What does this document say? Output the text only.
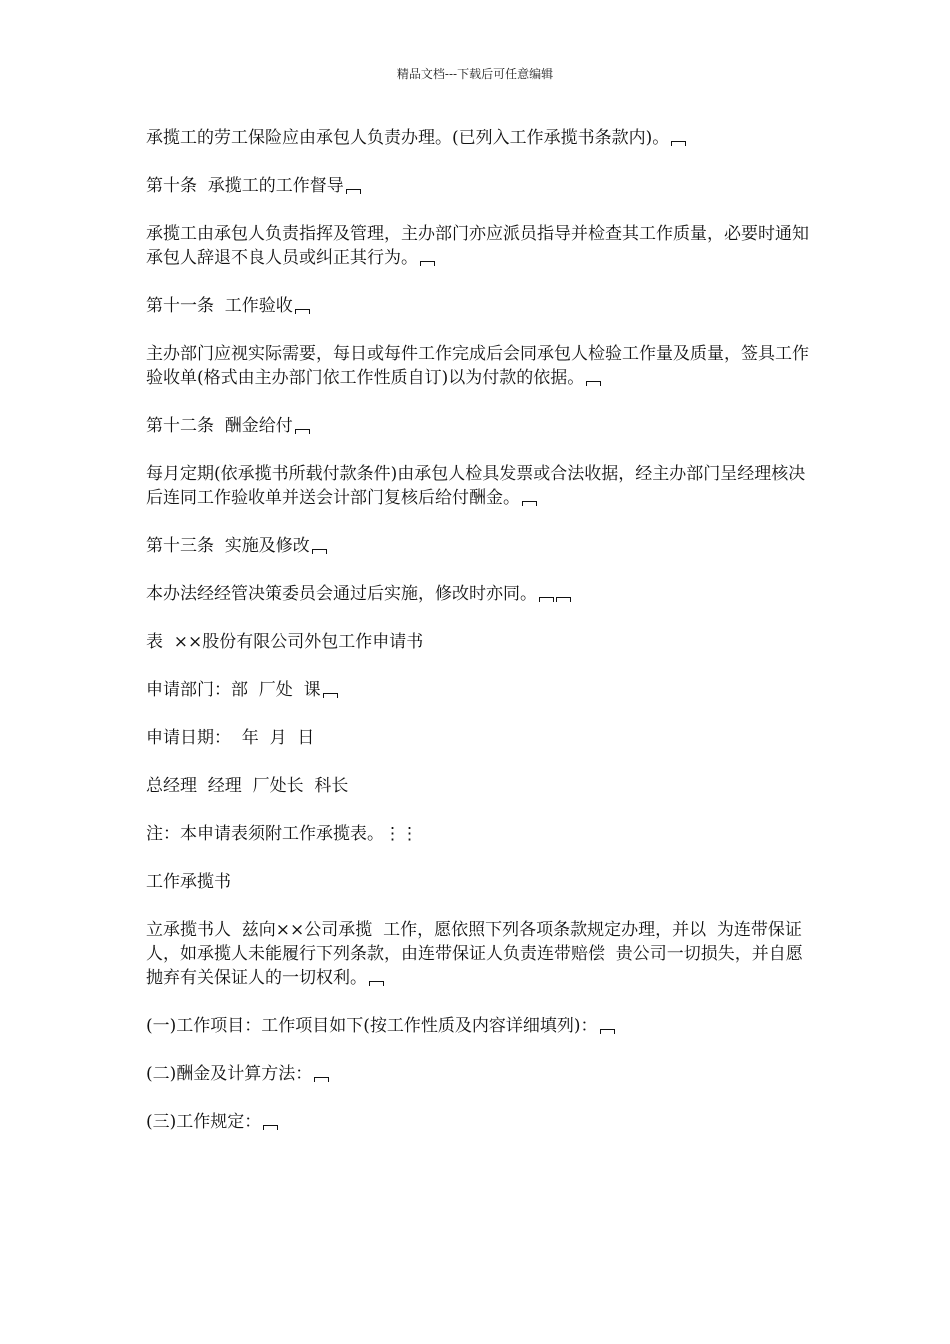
精品文档---下载后可任意编辑
承揽工的劳工保险应由承包人负责办理。(已列入工作承揽书条款内)。
第十条  承揽工的工作督导
承揽工由承包人负责指挥及管理，主办部门亦应派员指导并检查其工作质量，必要时通知承包人辞退不良人员或纠正其行为。
第十一条  工作验收
主办部门应视实际需要，每日或每件工作完成后会同承包人检验工作量及质量，签具工作验收单(格式由主办部门依工作性质自订)以为付款的依据。
第十二条  酬金给付
每月定期(依承揽书所载付款条件)由承包人检具发票或合法收据，经主办部门呈经理核决后连同工作验收单并送会计部门复核后给付酬金。
第十三条  实施及修改
本办法经经管决策委员会通过后实施，修改时亦同。
表  ××股份有限公司外包工作申请书
申请部门：部  厂处  课
申请日期：  年  月  日
总经理  经理  厂处长  科长
注：本申请表须附工作承揽表。⋮⋮
工作承揽书
立承揽书人  兹向××公司承揽  工作，愿依照下列各项条款规定办理，并以  为连带保证人，如承揽人未能履行下列条款，由连带保证人负责连带赔偿  贵公司一切损失，并自愿抛弃有关保证人的一切权利。
(一)工作项目：工作项目如下(按工作性质及内容详细填列)：
(二)酬金及计算方法：
(三)工作规定：
